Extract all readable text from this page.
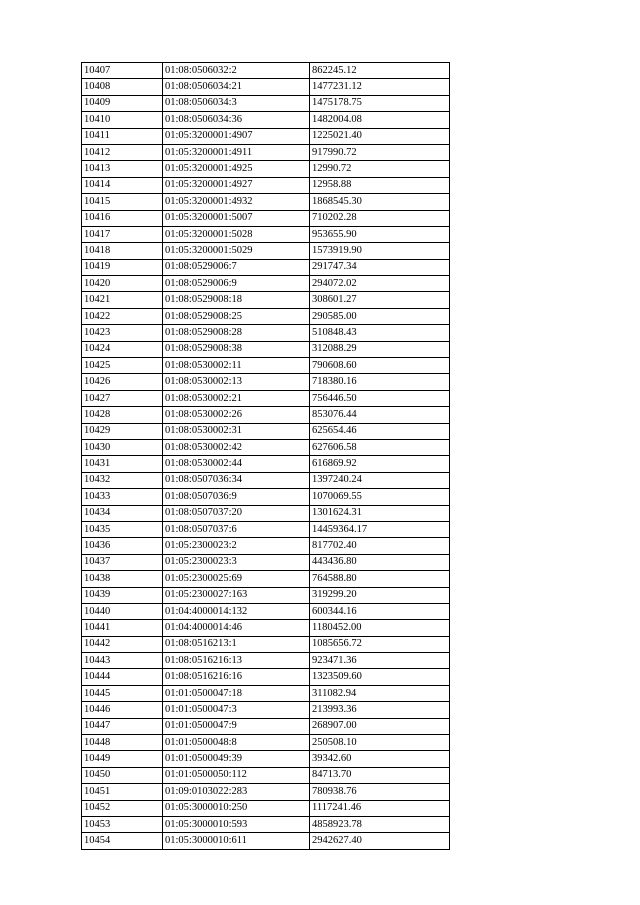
10407	01:08:0506032:2	862245.12
10408	01:08:0506034:21	1477231.12
10409	01:08:0506034:3	1475178.75
10410	01:08:0506034:36	1482004.08
10411	01:05:3200001:4907	1225021.40
10412	01:05:3200001:4911	917990.72
10413	01:05:3200001:4925	12990.72
10414	01:05:3200001:4927	12958.88
10415	01:05:3200001:4932	1868545.30
10416	01:05:3200001:5007	710202.28
10417	01:05:3200001:5028	953655.90
10418	01:05:3200001:5029	1573919.90
10419	01:08:0529006:7	291747.34
10420	01:08:0529006:9	294072.02
10421	01:08:0529008:18	308601.27
10422	01:08:0529008:25	290585.00
10423	01:08:0529008:28	510848.43
10424	01:08:0529008:38	312088.29
10425	01:08:0530002:11	790608.60
10426	01:08:0530002:13	718380.16
10427	01:08:0530002:21	756446.50
10428	01:08:0530002:26	853076.44
10429	01:08:0530002:31	625654.46
10430	01:08:0530002:42	627606.58
10431	01:08:0530002:44	616869.92
10432	01:08:0507036:34	1397240.24
10433	01:08:0507036:9	1070069.55
10434	01:08:0507037:20	1301624.31
10435	01:08:0507037:6	14459364.17
10436	01:05:2300023:2	817702.40
10437	01:05:2300023:3	443436.80
10438	01:05:2300025:69	764588.80
10439	01:05:2300027:163	319299.20
10440	01:04:4000014:132	600344.16
10441	01:04:4000014:46	1180452.00
10442	01:08:0516213:1	1085656.72
10443	01:08:0516216:13	923471.36
10444	01:08:0516216:16	1323509.60
10445	01:01:0500047:18	311082.94
10446	01:01:0500047:3	213993.36
10447	01:01:0500047:9	268907.00
10448	01:01:0500048:8	250508.10
10449	01:01:0500049:39	39342.60
10450	01:01:0500050:112	84713.70
10451	01:09:0103022:283	780938.76
10452	01:05:3000010:250	1117241.46
10453	01:05:3000010:593	4858923.78
10454	01:05:3000010:611	2942627.40
